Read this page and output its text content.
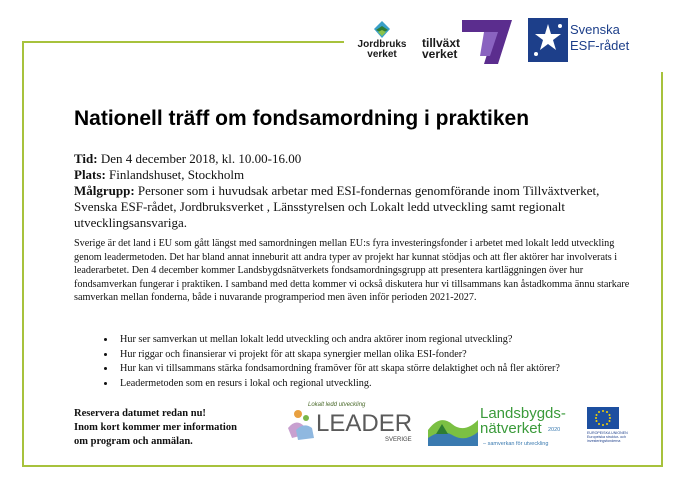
Jordbruks verket
tillväxt
verket
Svenska
ESF-rådet
Nationell träff om fondsamordning i praktiken
Tid: Den 4 december 2018, kl. 10.00-16.00
Plats: Finlandshuset, Stockholm
Målgrupp: Personer som i huvudsak arbetar med ESI-fondernas genomförande inom Tillväxtverket, Svenska ESF-rådet, Jordbruksverket , Länsstyrelsen och Lokalt ledd utveckling samt regionalt utvecklingsansvariga.
Sverige är det land i EU som gått längst med samordningen mellan EU:s fyra investeringsfonder i arbetet med lokalt ledd utveckling genom leadermetoden. Det har bland annat inneburit att andra typer av projekt har kunnat stödjas och att fler aktörer har involverats i leaderarbetet. Den 4 december kommer Landsbygdsnätverkets fondsamordningsgrupp att presentera kartläggningen över hur fondsamverkan fungerar i praktiken. I samband med detta kommer vi också diskutera hur vi tillsammans kan åstadkomma ännu starkare samverkan mellan fonderna, både i nuvarande programperiod men även inför perioden 2021-2027.
• Hur ser samverkan ut mellan lokalt ledd utveckling och andra aktörer inom regional utveckling?
• Hur riggar och finansierar vi projekt för att skapa synergier mellan olika ESI-fonder?
• Hur kan vi tillsammans stärka fondsamordning framöver för att skapa större delaktighet och nå fler aktörer?
• Leadermetoden som en resurs i lokal och regional utveckling.
Reservera datumet redan nu!
Inom kort kommer mer information
om program och anmälan.
Lokalt ledd utveckling
LEADER
SVERIGE
Landsbygds-
nätverket	2020
– samverkan för utveckling
EUROPEISKA UNIONEN
Europeiska struktur- och
investeringsfonderna
